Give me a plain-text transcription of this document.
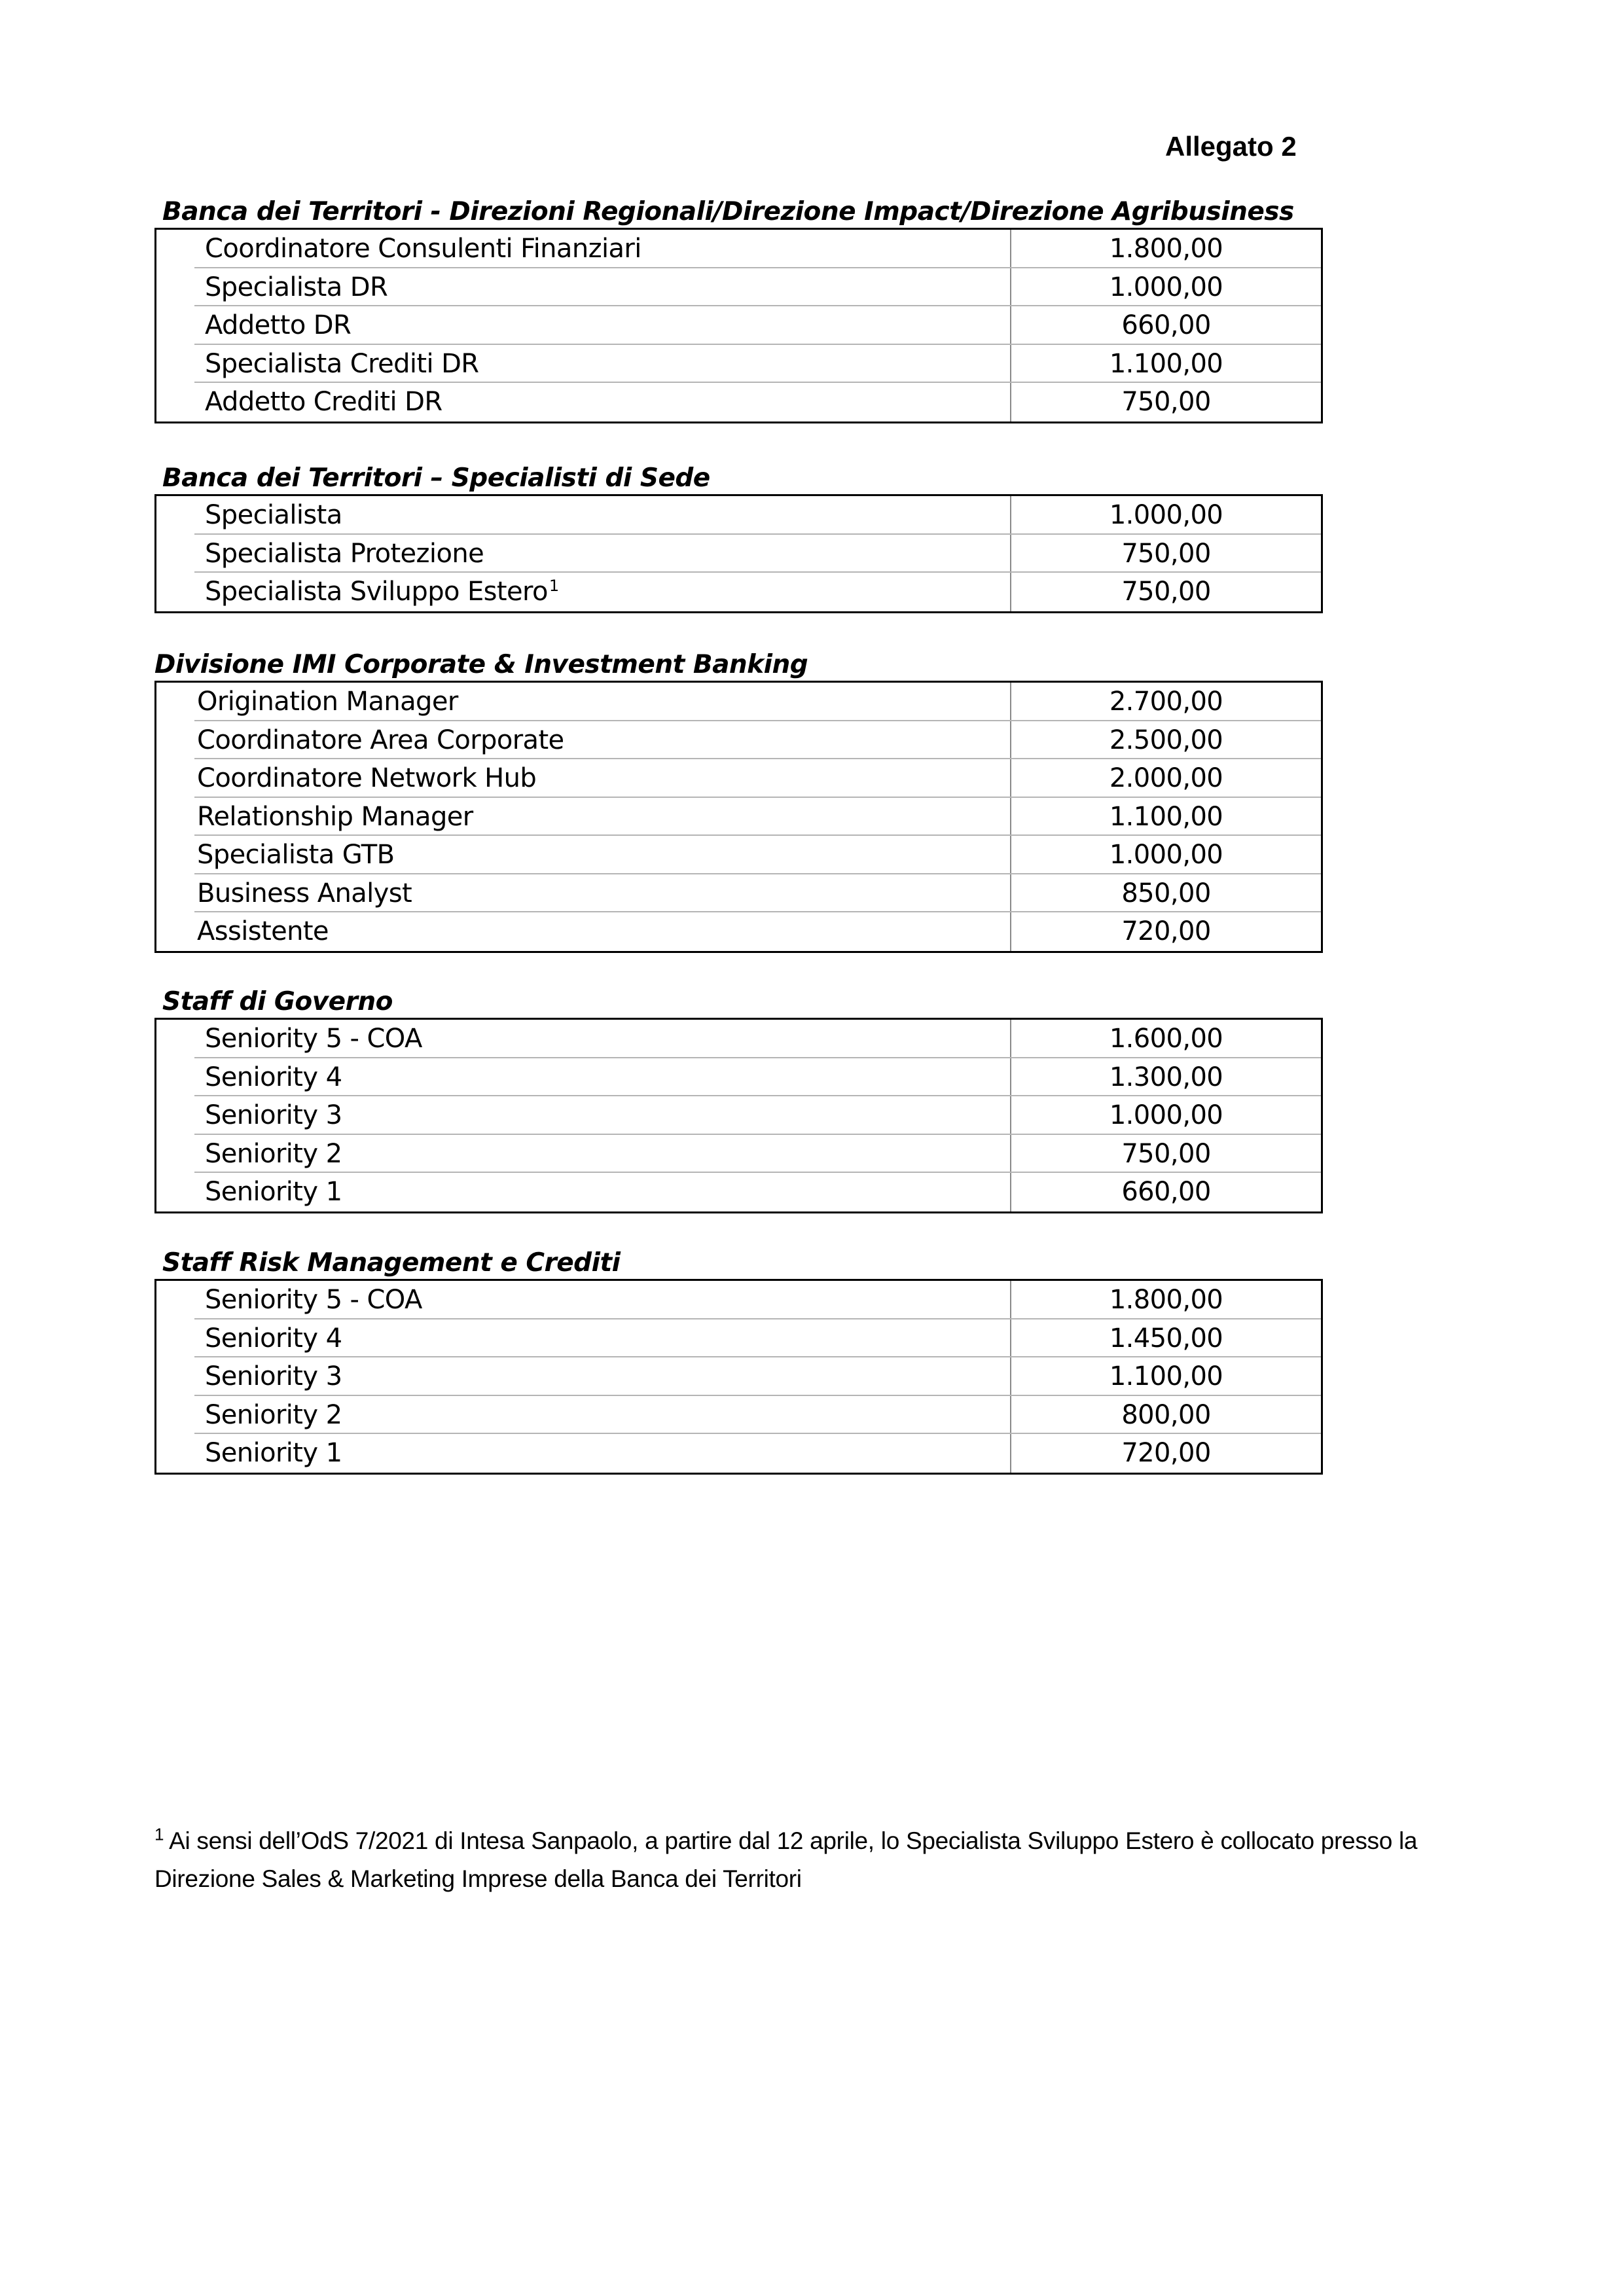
Allegato 2
Banca dei Territori - Direzioni Regionali/Direzione Impact/Direzione Agribusiness
Coordinatore Consulenti Finanziari	1.800,00
Specialista DR	1.000,00
Addetto DR	660,00
Specialista Crediti DR	1.100,00
Addetto Crediti DR	750,00
Banca dei Territori – Specialisti di Sede
Specialista	1.000,00
Specialista Protezione	750,00
Specialista Sviluppo Estero$^1$	750,00
Divisione IMI Corporate & Investment Banking
Origination Manager	2.700,00
Coordinatore Area Corporate	2.500,00
Coordinatore Network Hub	2.000,00
Relationship Manager	1.100,00
Specialista GTB	1.000,00
Business Analyst	850,00
Assistente	720,00
Staff di Governo
Seniority 5 - COA	1.600,00
Seniority 4	1.300,00
Seniority 3	1.000,00
Seniority 2	750,00
Seniority 1	660,00
Staff Risk Management e Crediti
Seniority 5 - COA	1.800,00
Seniority 4	1.450,00
Seniority 3	1.100,00
Seniority 2	800,00
Seniority 1	720,00
$^1$ Ai sensi dell’OdS 7/2021 di Intesa Sanpaolo, a partire dal 12 aprile, lo Specialista Sviluppo Estero è collocato presso la Direzione Sales & Marketing Imprese della Banca dei Territori
